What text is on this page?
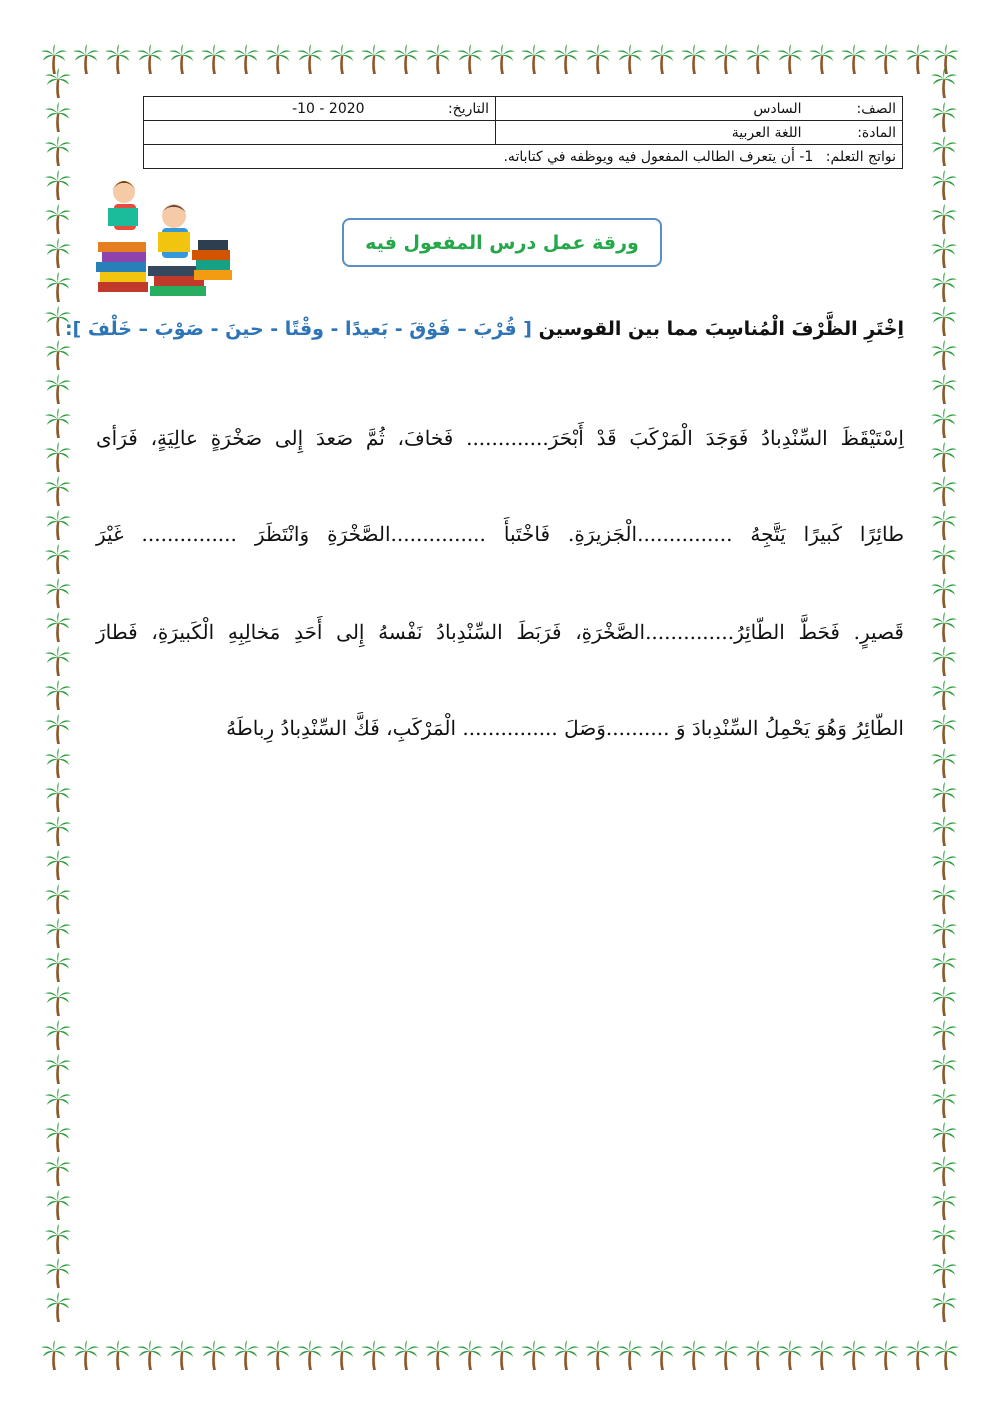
الصف: السادس	التاريخ: 2020 - 10-
المادة: اللغة العربية	
نواتج التعلم: 1- أن يتعرف الطالب المفعول فيه ويوظفه في كتاباته.	
ورقة عمل درس المفعول فيه
اِخْتَرِ الظَّرْفَ الْمُناسِبَ مما بين القوسين [ قُرْبَ – فَوْقَ - بَعيدًا - وقْتًا - حينَ - صَوْبَ – خَلْفَ ]:
اِسْتَيْقَظَ السِّنْدِبادُ فَوَجَدَ الْمَرْكَبَ قَدْ أَبْحَرَ............. فَخافَ، ثُمَّ صَعدَ إِلى صَخْرَةٍ عالِيَةٍ، فَرَأى
طائِرًا كَبيرًا يَتَّجِهُ ...............الْجَزيرَةِ. فَاخْتَبأَ ...............الصَّخْرَةِ وَانْتَظَرَ ............... غَيْرَ
قَصيرٍ. فَحَطَّ الطّائِرُ..............الصَّخْرَةِ، فَرَبَطَ السِّنْدِبادُ نَفْسهُ إِلى أَحَدِ مَخالِبِهِ الْكَبيرَةِ، فَطارَ
الطّائِرُ وَهُوَ يَحْمِلُ السِّنْدِبادَ وَ ..........وَصَلَ ............... الْمَرْكَبِ، فَكَّ السِّنْدِبادُ رِباطَهُ
